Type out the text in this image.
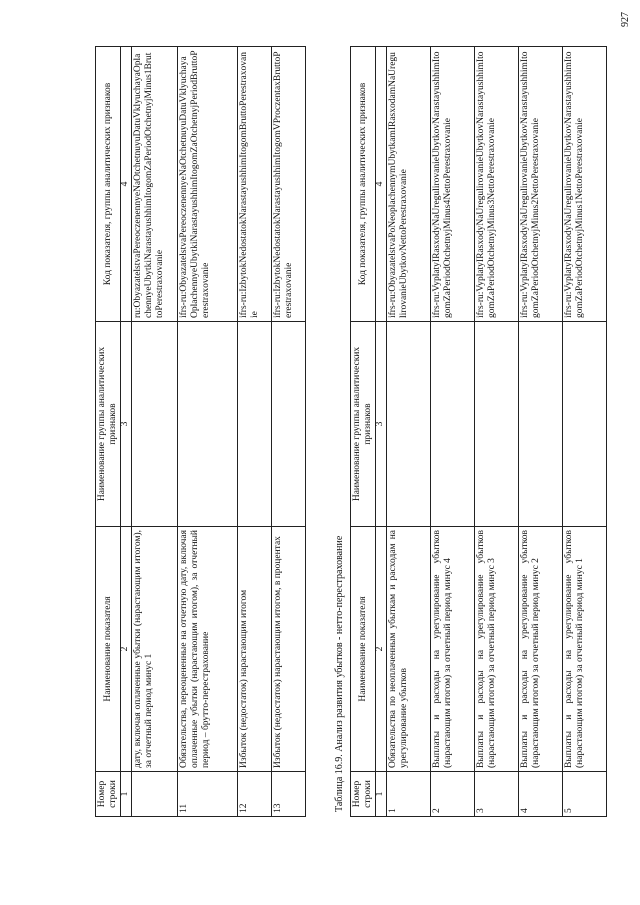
Номер строки	Наименование показателя	Наименование группы аналитических признаков	Код показателя, группы аналитических признаков
1	2	3	4
	дату, включая оплаченные убытки (нарастающим итогом), за отчетный период минус 1		ru:ObyazatelstvaPereoczenennyeNaOtchetnuyuDatuVklyuchayaOplachennyeUbytkiNarastayushhimItogomZaPeriodOtchetnyjMinus1BruttoPerestraxovanie
11	Обязательства, переоцененные на отчетную дату, включая оплаченные убытки (нарастающим итогом), за отчетный период – брутто-перестрахование		ifrs-ru:ObyazatelstvaPereoczenennyeNaOtchetnuyuDatuVklyuchayaOplachennyeUbytkiNarastayushhimItogomZaOtchetnyjPeriodBruttoPerestraxovanie
12	Избыток (недостаток) нарастающим итогом		ifrs-ru:IzbytokNedostatokNarastayushhimItogomBruttoPerestraxovanie
13	Избыток (недостаток) нарастающим итогом, в процентах		ifrs-ru:IzbytokNedostatokNarastayushhimItogomVProczentaxBruttoPerestraxovanie
Таблица 16.9. Анализ развития убытков - нетто-перестрахование Номер строки	Наименование показателя	Наименование группы аналитических признаков	Код показателя, группы аналитических признаков
1	2	3	4
1	Обязательства по неоплаченным убыткам и расходам на урегулирование убытков		ifrs-ru:ObyazatelstvaPoNeoplachennymUbytkamIRasxodamNaUregulirovanieUbytkovNettoPerestraxovanie
2	Выплаты и расходы на урегулирование убытков (нарастающим итогом) за отчетный период минус 4		ifrs-ru:VyplatyIRasxodyNaUregulirovanieUbytkovNarastayushhimItogomZaPeriodOtchetnyjMinus4NettoPerestraxovanie
3	Выплаты и расходы на урегулирование убытков (нарастающим итогом) за отчетный период минус 3		ifrs-ru:VyplatyIRasxodyNaUregulirovanieUbytkovNarastayushhimItogomZaPeriodOtchetnyjMinus3NettoPerestraxovanie
4	Выплаты и расходы на урегулирование убытков (нарастающим итогом) за отчетный период минус 2		ifrs-ru:VyplatyIRasxodyNaUregulirovanieUbytkovNarastayushhimItogomZaPeriodOtchetnyjMinus2NettoPerestraxovanie
5	Выплаты и расходы на урегулирование убытков (нарастающим итогом) за отчетный период минус 1		ifrs-ru:VyplatyIRasxodyNaUregulirovanieUbytkovNarastayushhimItogomZaPeriodOtchetnyjMinus1NettoPerestraxovanie
927
